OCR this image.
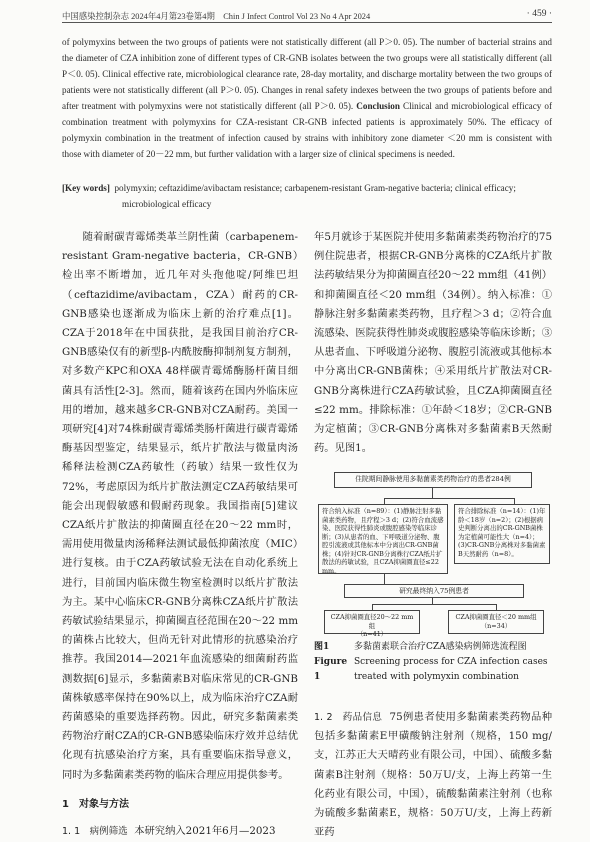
中国感染控制杂志 2024年4月第23卷第4期　Chin J Infect Control Vol 23 No 4 Apr 2024	· 459 ·
of polymyxins between the two groups of patients were not statistically different (all P＞0. 05). The number of bacterial strains and the diameter of CZA inhibition zone of different types of CR-GNB isolates between the two groups were all statistically different (all P＜0. 05). Clinical effective rate, microbiological clearance rate, 28-day mortality, and discharge mortality between the two groups of patients were not statistically different (all P＞0. 05). Changes in renal safety indexes between the two groups of patients before and after treatment with polymyxins were not statistically different (all P＞0. 05). Conclusion Clinical and microbiological efficacy of combination treatment with polymyxins for CZA-resistant CR-GNB infected patients is approximately 50%. The efficacy of polymyxin combination in the treatment of infection caused by strains with inhibitory zone diameter ＜20 mm is consistent with those with diameter of 20－22 mm, but further validation with a larger size of clinical specimens is needed.
[Key words] polymyxin; ceftazidime/avibactam resistance; carbapenem-resistant Gram-negative bacteria; clinical efficacy; microbiological efficacy

随着耐碳青霉烯类革兰阴性菌（carbapenem-resistant Gram-negative bacteria，CR-GNB）检出率不断增加，近几年对头孢他啶/阿维巴坦（ceftazidime/avibactam，CZA）耐药的CR-GNB感染也逐渐成为临床上新的治疗难点[1]。CZA于2018年在中国获批，是我国目前治疗CR-GNB感染仅有的新型β-内酰胺酶抑制剂复方制剂，对多数产KPC和OXA 48样碳青霉烯酶肠杆菌目细菌具有活性[2-3]。然而，随着该药在国内外临床应用的增加，越来越多CR-GNB对CZA耐药。美国一项研究[4]对74株耐碳青霉烯类肠杆菌进行碳青霉烯酶基因型鉴定，结果显示，纸片扩散法与微量肉汤稀释法检测CZA药敏性（药敏）结果一致性仅为72%，考虑原因为纸片扩散法测定CZA药敏结果可能会出现假敏感和假耐药现象。我国指南[5]建议CZA纸片扩散法的抑菌圈直径在20～22 mm时，需用使用微量肉汤稀释法测试最低抑菌浓度（MIC）进行复核。由于CZA药敏试验无法在自动化系统上进行，目前国内临床微生物室检测时以纸片扩散法为主。某中心临床CR-GNB分离株CZA纸片扩散法药敏试验结果显示，抑菌圈直径范围在20～22 mm的菌株占比较大，但尚无针对此情形的抗感染治疗推荐。我国2014—2021年血流感染的细菌耐药监测数据[6]显示，多黏菌素B对临床常见的CR-GNB菌株敏感率保持在90%以上，成为临床治疗CZA耐药菌感染的重要选择药物。因此，研究多黏菌素类药物治疗耐CZA的CR-GNB感染临床疗效并总结优化现有抗感染治疗方案，具有重要临床指导意义，同时为多黏菌素类药物的临床合理应用提供参考。

1　对象与方法

1. 1　病例筛选 本研究纳入2021年6月—2023

年5月就诊于某医院并使用多黏菌素类药物治疗的75例住院患者，根据CR-GNB分离株的CZA纸片扩散法药敏结果分为抑菌圈直径20～22 mm组（41例）和抑菌圈直径＜20 mm组（34例）。纳入标准：①静脉注射多黏菌素类药物，且疗程＞3 d；②符合血流感染、医院获得性肺炎或腹腔感染等临床诊断；③从患者血、下呼吸道分泌物、腹腔引流液或其他标本中分离出CR-GNB菌株；④采用纸片扩散法对CR-GNB分离株进行CZA药敏试验，且CZA抑菌圈直径≤22 mm。排除标准：①年龄＜18岁；②CR-GNB为定植菌；③CR-GNB分离株对多黏菌素B天然耐药。见图1。

住院期间静脉使用多黏菌素类药物治疗的患者284例
符合纳入标准（n=89）：(1)静脉注射多黏菌素类药物，且疗程＞3 d；(2)符合血流感染、医院获得性肺炎或腹腔感染等临床诊断；(3)从患者的血、下呼吸道分泌物、腹腔引流液或其他标本中分离出CR-GNB菌株；(4)针对CR-GNB分离株行CZA纸片扩散法的药敏试验，且CZA抑菌圈直径≤22 mm。
符合排除标准（n=14）：(1)年龄＜18岁（n=2）；(2)根据病史判断分离出的CR-GNB菌株为定植菌可能性大（n=4）；(3)CR-GNB分离株对多黏菌素B天然耐药（n=8）。
研究最终纳入75例患者
CZA抑菌圈直径20～22 mm组
（n=41）
CZA抑菌圈直径＜20 mm组
（n=34）
图1	多黏菌素联合治疗CZA感染病例筛选流程图
Figure 1
Screening process for CZA infection cases treated with polymyxin combination
1. 2　药品信息 75例患者使用多黏菌素类药物品种包括多黏菌素E甲磺酸钠注射剂（规格，150 mg/支，江苏正大天晴药业有限公司，中国）、硫酸多黏菌素B注射剂（规格：50万U/支，上海上药第一生化药业有限公司，中国），硫酸黏菌素注射剂（也称为硫酸多黏菌素E，规格：50万U/支，上海上药新亚药
